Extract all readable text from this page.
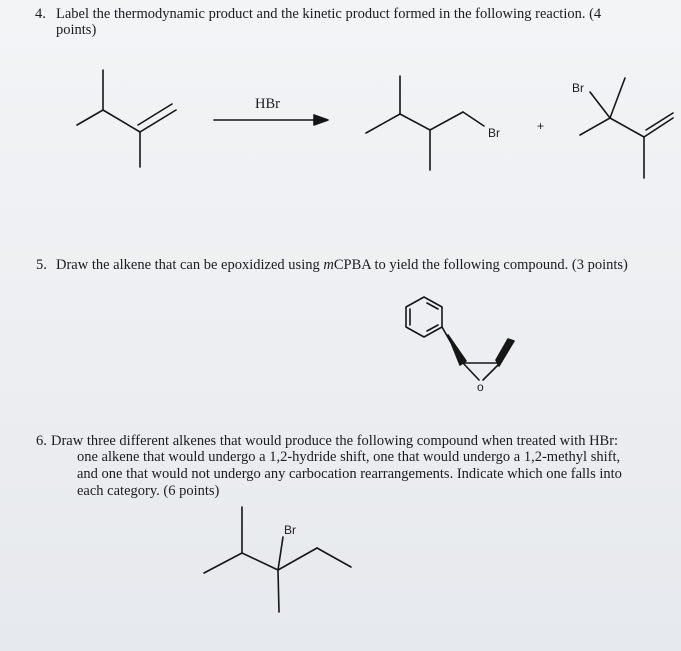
4. Label the thermodynamic product and the kinetic product formed in the following reaction. (4
points)
HBr
Br	+
Br
5. Draw the alkene that can be epoxidized using mCPBA to yield the following compound. (3 points)
o
6. Draw three different alkenes that would produce the following compound when treated with HBr:
one alkene that would undergo a 1,2-hydride shift, one that would undergo a 1,2-methyl shift,
and one that would not undergo any carbocation rearrangements. Indicate which one falls into
each category. (6 points)
Br
